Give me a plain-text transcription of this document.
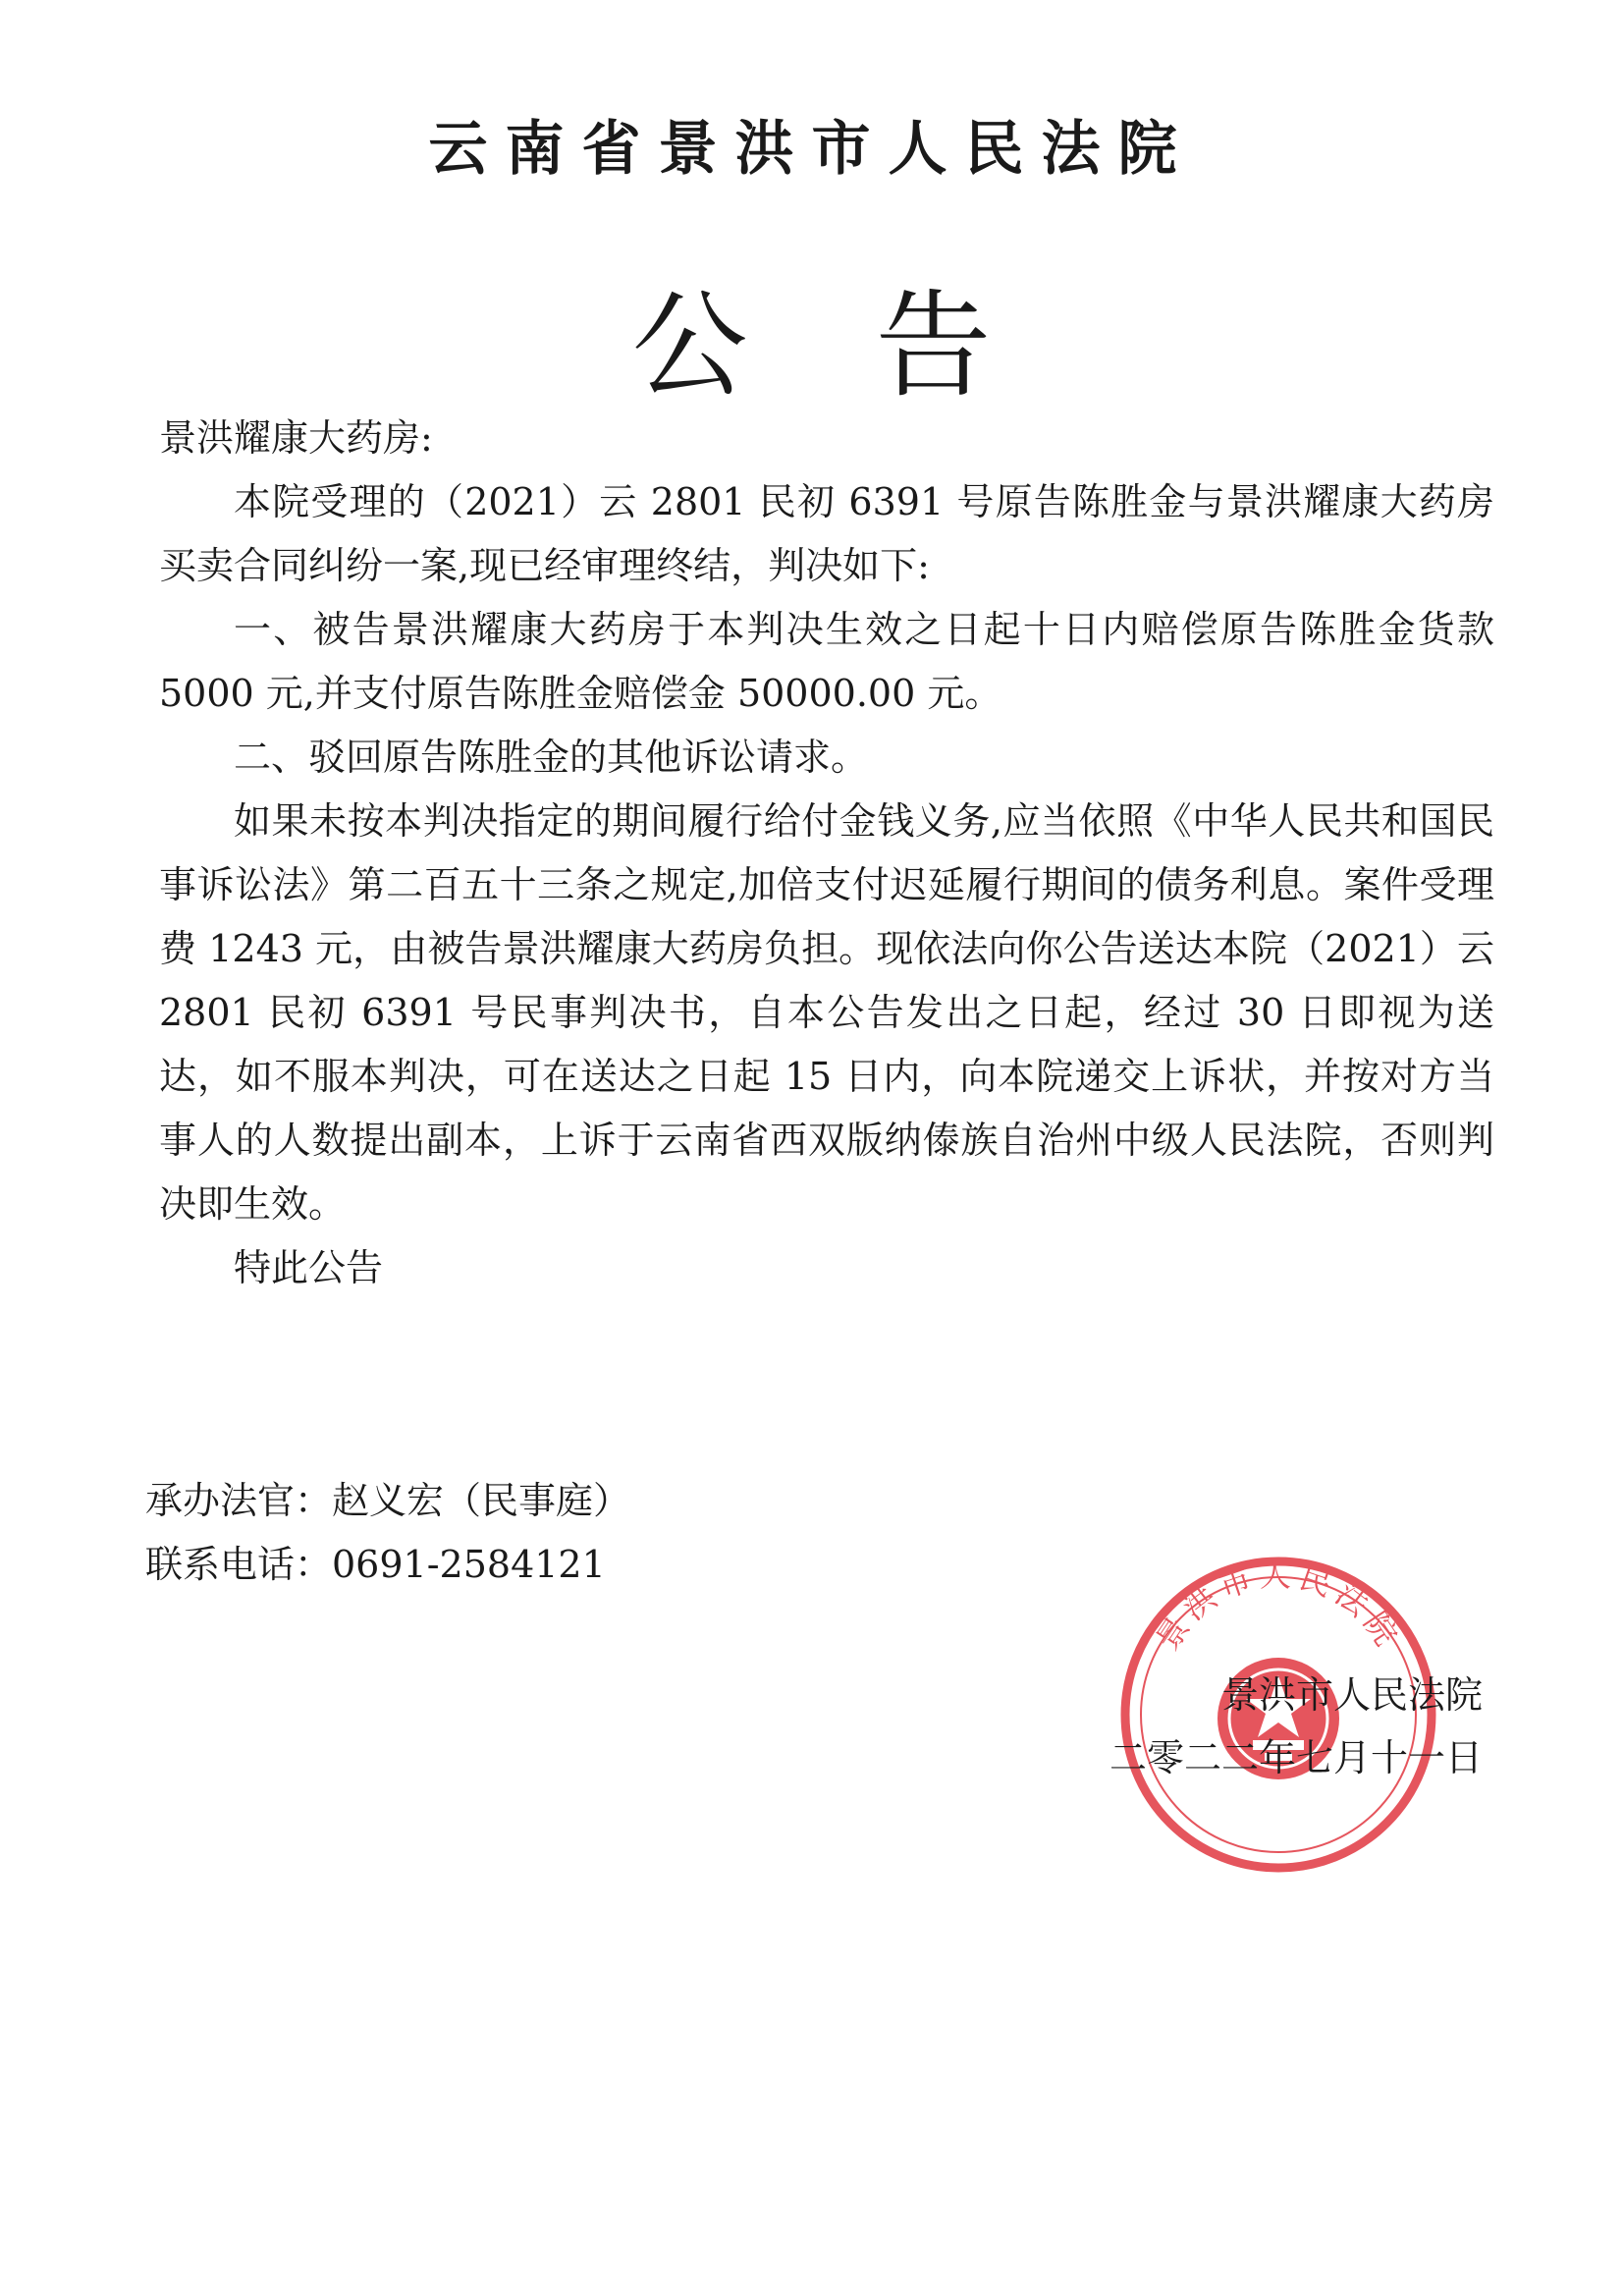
云南省景洪市人民法院
公告

景洪耀康大药房:

本院受理的（2021）云 2801 民初 6391 号原告陈胜金与景洪耀康大药房买卖合同纠纷一案,现已经审理终结，判决如下:

一、被告景洪耀康大药房于本判决生效之日起十日内赔偿原告陈胜金货款 5000 元,并支付原告陈胜金赔偿金 50000.00 元。

二、驳回原告陈胜金的其他诉讼请求。

如果未按本判决指定的期间履行给付金钱义务,应当依照《中华人民共和国民事诉讼法》第二百五十三条之规定,加倍支付迟延履行期间的债务利息。案件受理费 1243 元，由被告景洪耀康大药房负担。现依法向你公告送达本院（2021）云 2801 民初 6391 号民事判决书，自本公告发出之日起，经过 30 日即视为送达，如不服本判决，可在送达之日起 15 日内，向本院递交上诉状，并按对方当事人的人数提出副本，上诉于云南省西双版纳傣族自治州中级人民法院，否则判决即生效。

特此公告

承办法官：赵义宏（民事庭）
联系电话：0691-2584121
景洪市人民法院
景洪市人民法院
二零二二年七月十一日
